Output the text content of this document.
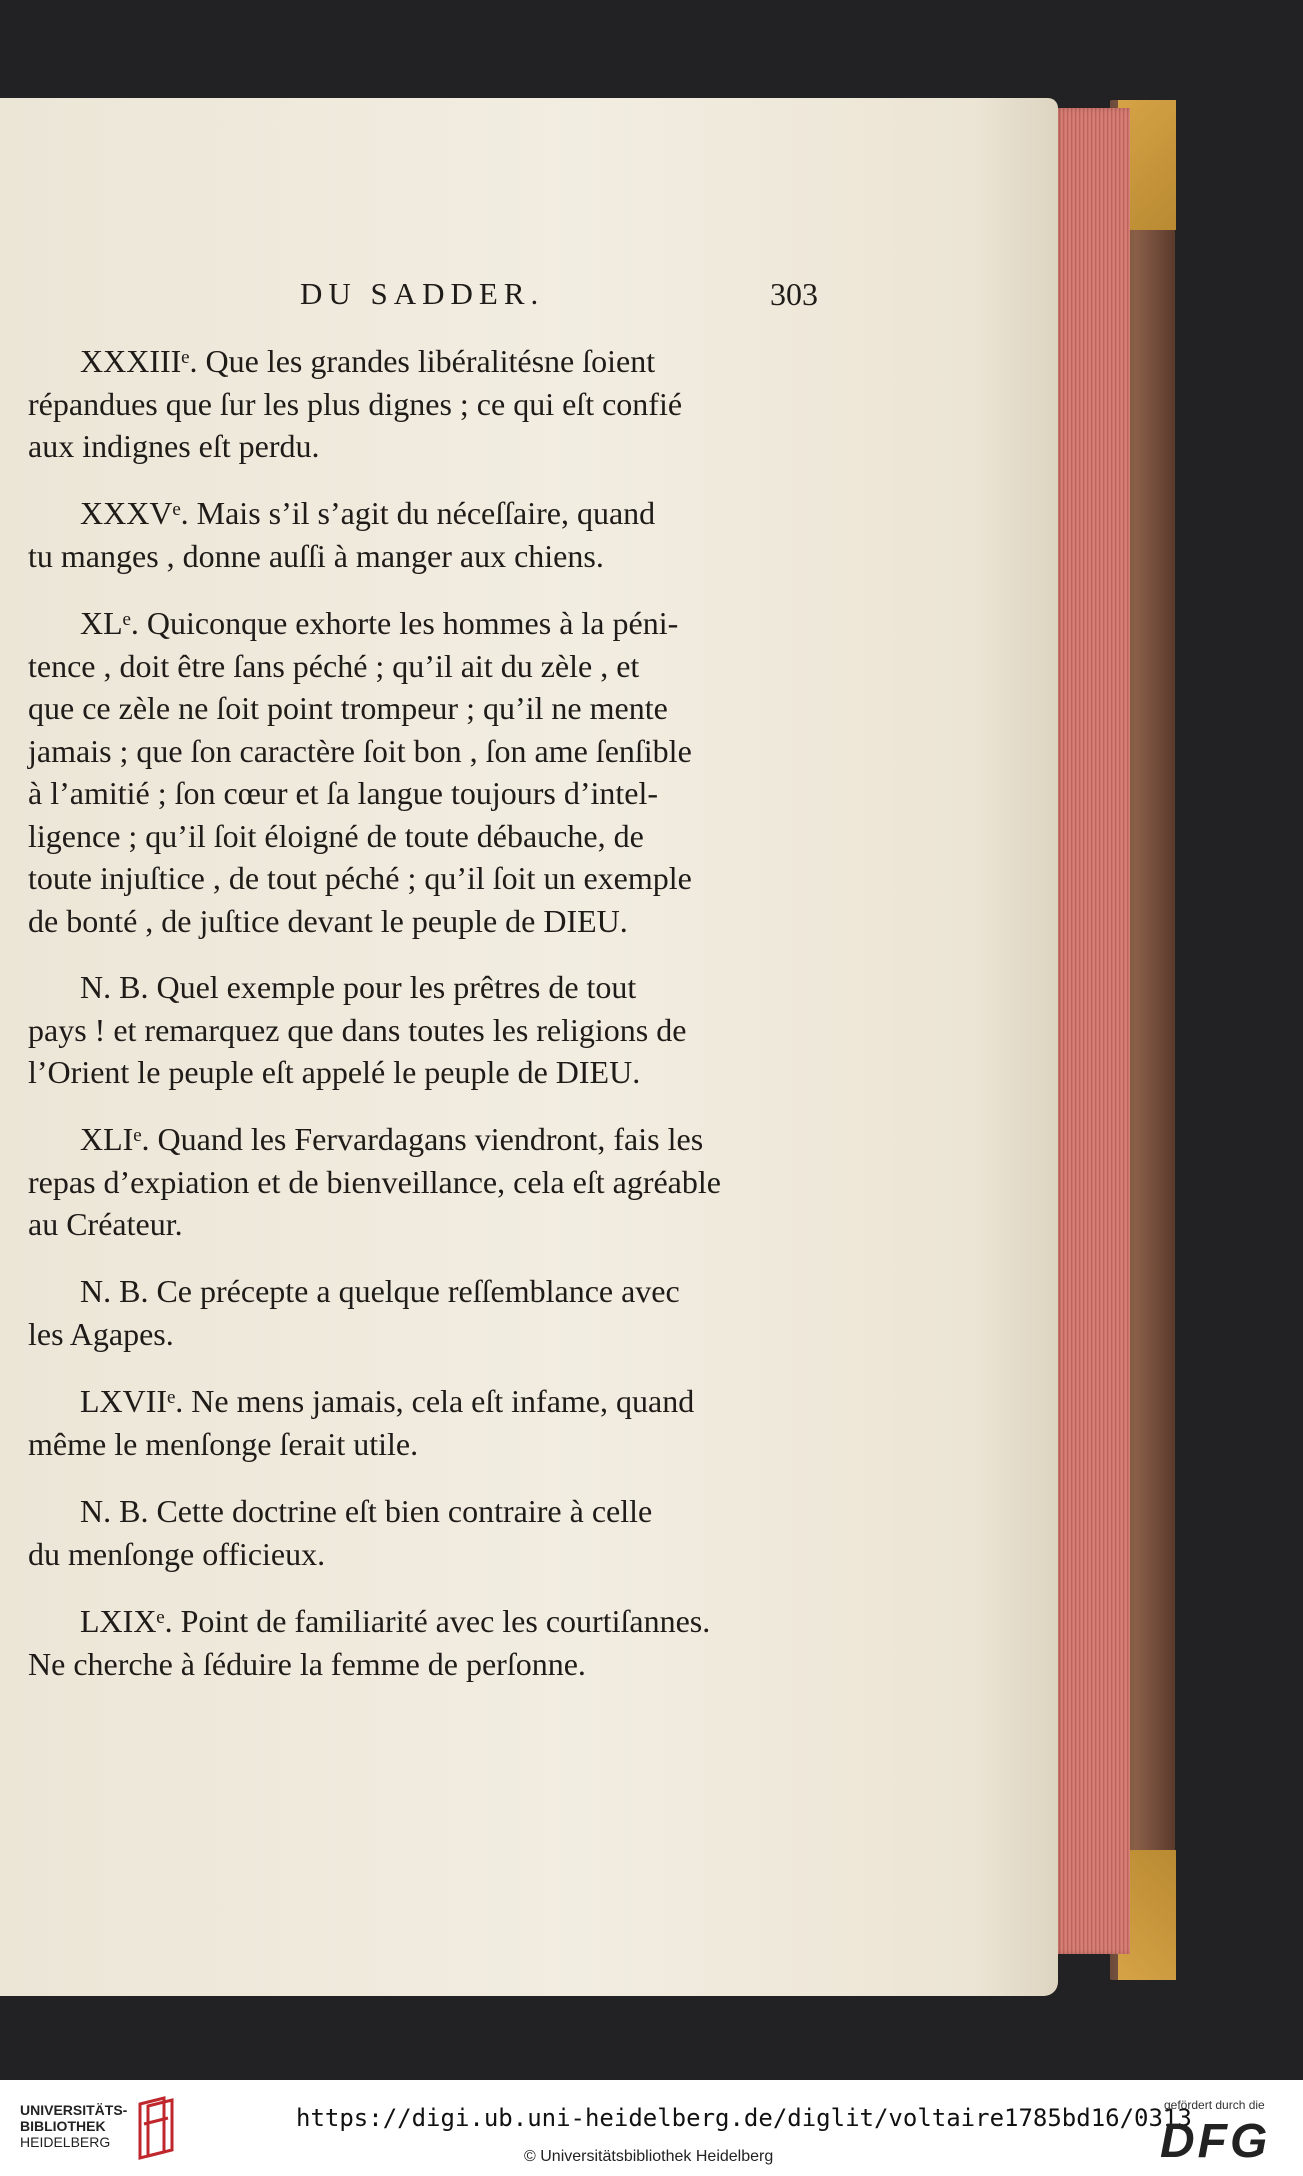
DU SADDER.	303

XXXIIIᵉ. Que les grandes libéralitésne ſoient

répandues que ſur les plus dignes ; ce qui eſt confié

aux indignes eſt perdu.

XXXVᵉ. Mais s’il s’agit du néceſſaire, quand

tu manges , donne auſſi à manger aux chiens.

XLᵉ. Quiconque exhorte les hommes à la péni-

tence , doit être ſans péché ; qu’il ait du zèle , et

que ce zèle ne ſoit point trompeur ; qu’il ne mente

jamais ; que ſon caractère ſoit bon , ſon ame ſenſible

à l’amitié ; ſon cœur et ſa langue toujours d’intel-

ligence ; qu’il ſoit éloigné de toute débauche, de

toute injuſtice , de tout péché ; qu’il ſoit un exemple

de bonté , de juſtice devant le peuple de DIEU.

N. B. Quel exemple pour les prêtres de tout

pays ! et remarquez que dans toutes les religions de

l’Orient le peuple eſt appelé le peuple de DIEU.

XLIᵉ. Quand les Fervardagans viendront, fais les

repas d’expiation et de bienveillance, cela eſt agréable

au Créateur.

N. B. Ce précepte a quelque reſſemblance avec

les Agapes.

LXVIIᵉ. Ne mens jamais, cela eſt infame, quand

même le menſonge ſerait utile.

N. B. Cette doctrine eſt bien contraire à celle

du menſonge officieux.

LXIXᵉ. Point de familiarité avec les courtiſannes.

Ne cherche à ſéduire la femme de perſonne.

UNIVERSITÄTS-
BIBLIOTHEK
HEIDELBERG
https://digi.ub.uni-heidelberg.de/diglit/voltaire1785bd16/0313
© Universitätsbibliothek Heidelberg
gefördert durch die
DFG
